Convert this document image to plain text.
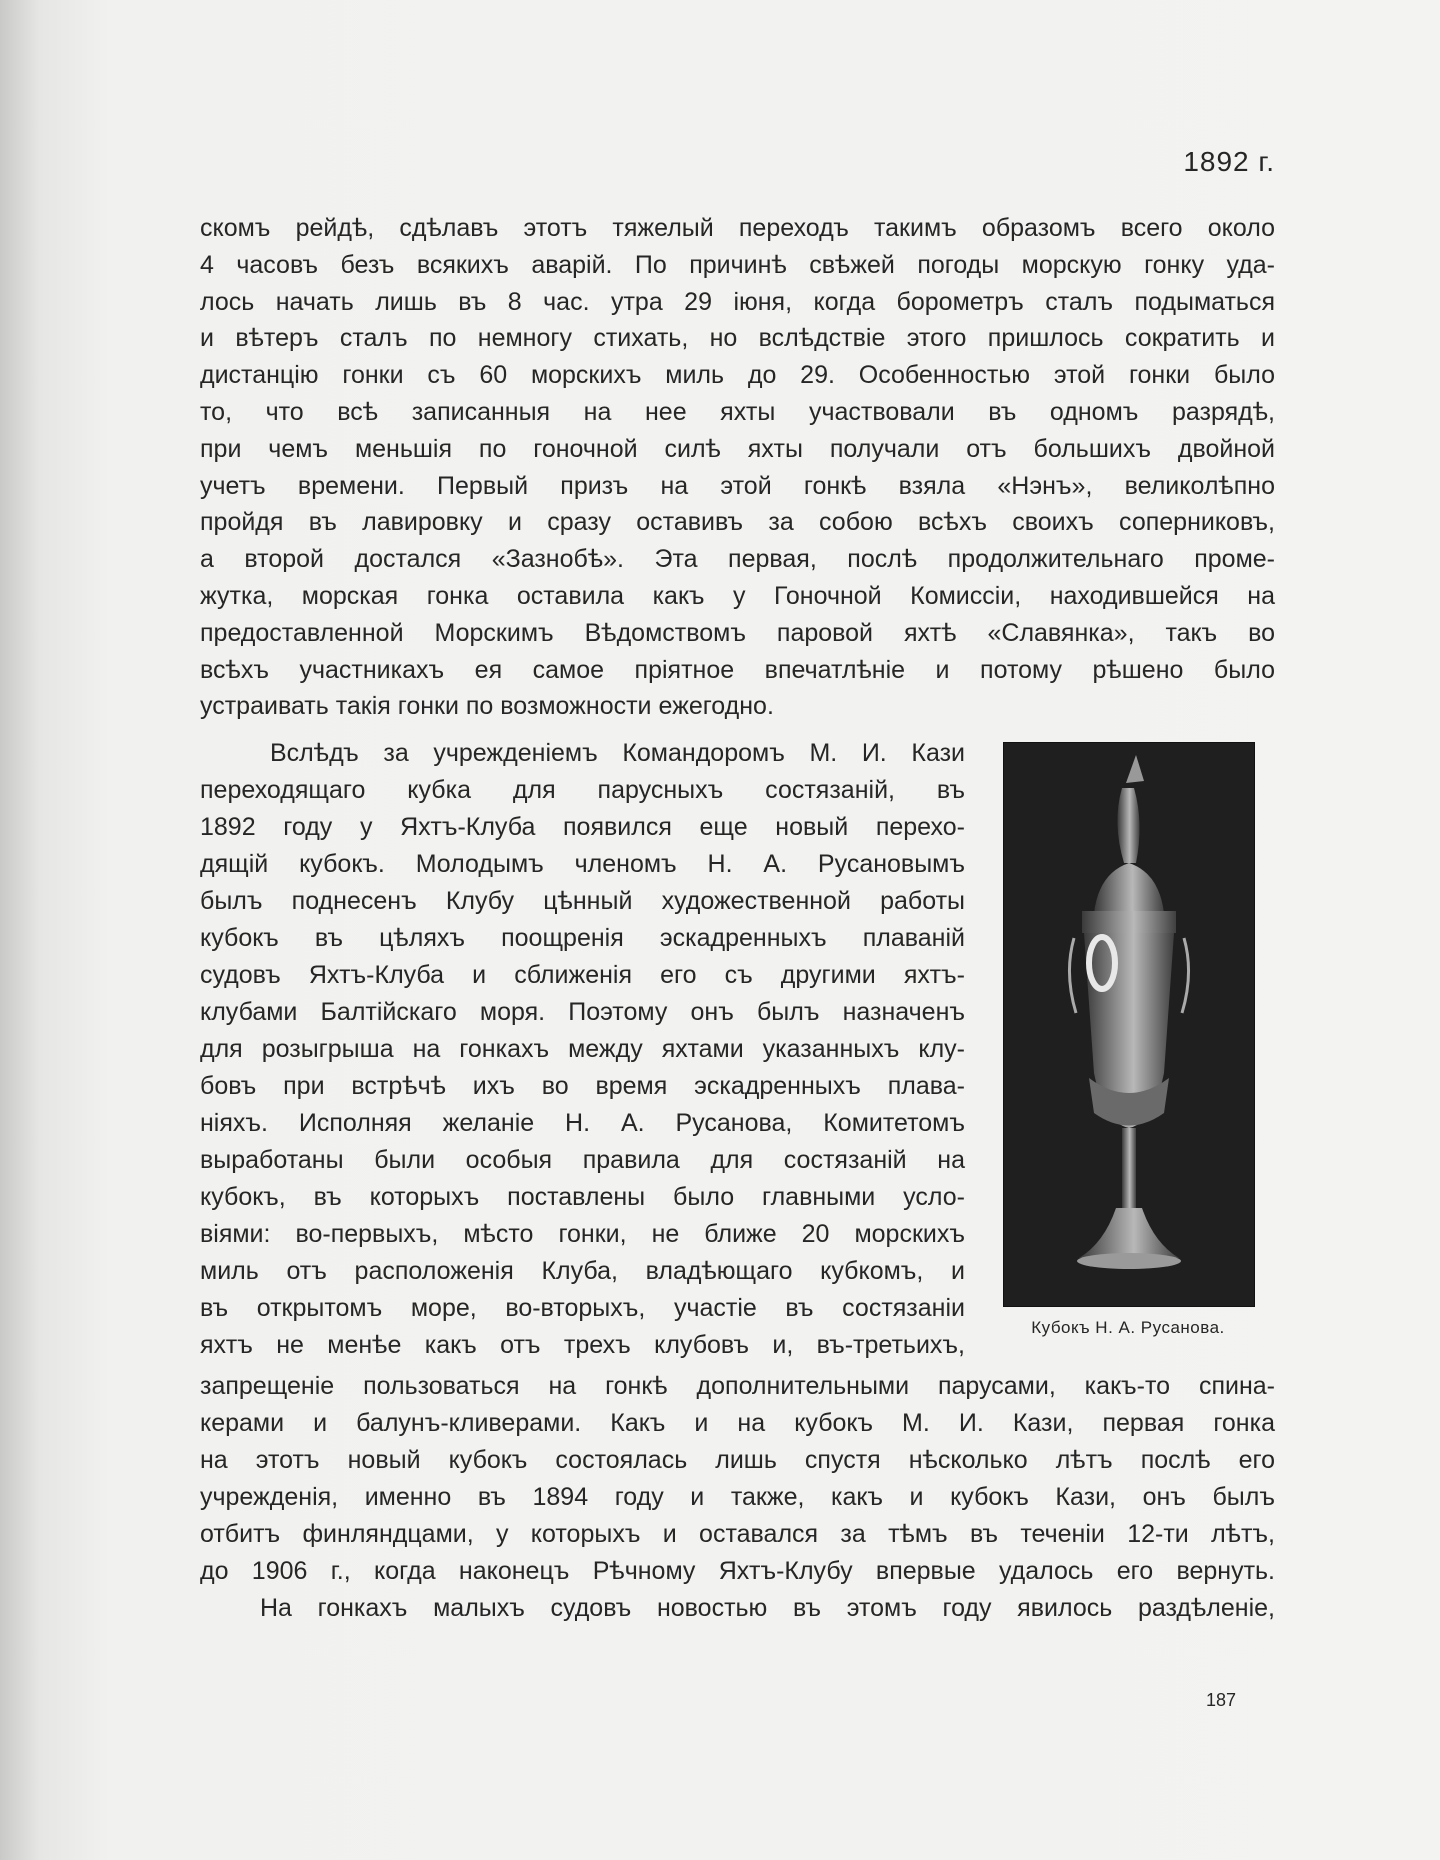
1892 г.
скомъ рейдѣ, сдѣлавъ этотъ тяжелый переходъ такимъ образомъ всего около
4 часовъ безъ всякихъ аварій. По причинѣ свѣжей погоды морскую гонку уда-
лось начать лишь въ 8 час. утра 29 іюня, когда борометръ сталъ подыматься
и вѣтеръ сталъ по немногу стихать, но вслѣдствіе этого пришлось сократить и
дистанцію гонки съ 60 морскихъ миль до 29. Особенностью этой гонки было
то, что всѣ записанныя на нее яхты участвовали въ одномъ разрядѣ,
при чемъ меньшія по гоночной силѣ яхты получали отъ большихъ двойной
учетъ времени. Первый призъ на этой гонкѣ взяла «Нэнъ», великолѣпно
пройдя въ лавировку и сразу оставивъ за собою всѣхъ своихъ соперниковъ,
а второй достался «Зазнобѣ». Эта первая, послѣ продолжительнаго проме-
жутка, морская гонка оставила какъ у Гоночной Комиссіи, находившейся на
предоставленной Морскимъ Вѣдомствомъ паровой яхтѣ «Славянка», такъ во
всѣхъ участникахъ ея самое пріятное впечатлѣніе и потому рѣшено было
устраивать такія гонки по возможности ежегодно.
Вслѣдъ за учрежденіемъ Командоромъ М. И. Кази
переходящаго кубка для парусныхъ состязаній, въ
1892 году у Яхтъ-Клуба появился еще новый перехо-
дящій кубокъ. Молодымъ членомъ Н. А. Русановымъ
былъ поднесенъ Клубу цѣнный художественной работы
кубокъ въ цѣляхъ поощренія эскадренныхъ плаваній
судовъ Яхтъ-Клуба и сближенія его съ другими яхтъ-
клубами Балтійскаго моря. Поэтому онъ былъ назначенъ
для розыгрыша на гонкахъ между яхтами указанныхъ клу-
бовъ при встрѣчѣ ихъ во время эскадренныхъ плава-
ніяхъ. Исполняя желаніе Н. А. Русанова, Комитетомъ
выработаны были особыя правила для состязаній на
кубокъ, въ которыхъ поставлены было главными усло-
віями: во-первыхъ, мѣсто гонки, не ближе 20 морскихъ
миль отъ расположенія Клуба, владѣющаго кубкомъ, и
въ открытомъ море, во-вторыхъ, участіе въ состязаніи
яхтъ не менѣе какъ отъ трехъ клубовъ и, въ-третьихъ,
запрещеніе пользоваться на гонкѣ дополнительными парусами, какъ-то спина-
керами и балунъ-кливерами. Какъ и на кубокъ М. И. Кази, первая гонка
на этотъ новый кубокъ состоялась лишь спустя нѣсколько лѣтъ послѣ его
учрежденія, именно въ 1894 году и также, какъ и кубокъ Кази, онъ былъ
отбитъ финляндцами, у которыхъ и оставался за тѣмъ въ теченіи 12-ти лѣтъ,
до 1906 г., когда наконецъ Рѣчному Яхтъ-Клубу впервые удалось его вернуть.
На гонкахъ малыхъ судовъ новостью въ этомъ году явилось раздѣленіе,
Кубокъ Н. А. Русанова.
187
